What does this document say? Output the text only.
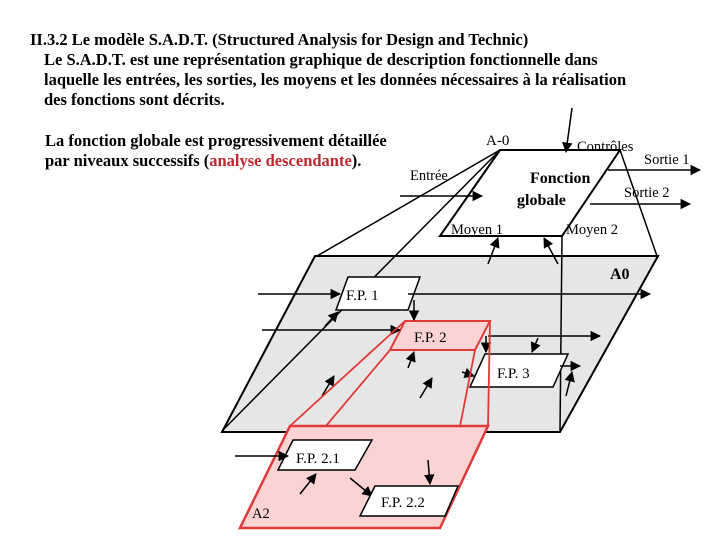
II.3.2 Le modèle S.A.D.T. (Structured Analysis for Design and Technic)
Le S.A.D.T. est une représentation graphique de description fonctionnelle dans
laquelle les entrées, les sorties, les moyens et les données nécessaires à la réalisation
des fonctions sont décrits.
La fonction globale est progressivement détaillée
par niveaux successifs (analyse descendante).
A-0
Fonction
globale
Entrée
Contrôles
Sortie 1
Sortie 2
Moyen 1	Moyen 2
A0
F.P. 1
F.P. 2
F.P. 3
A2
F.P. 2.1
F.P. 2.2
